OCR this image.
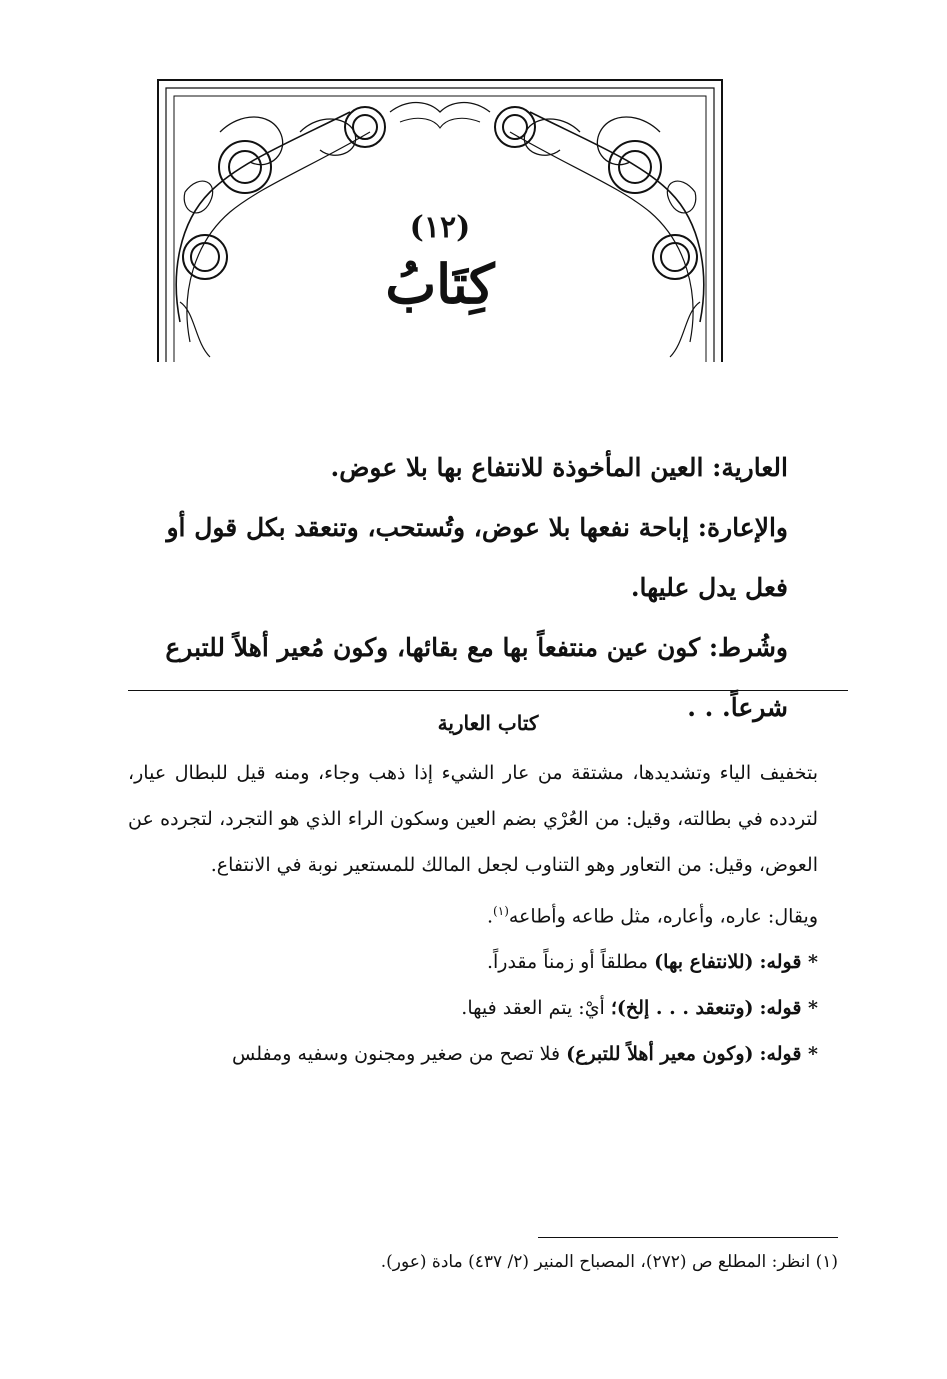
(١٢)
كِتَابُ

العارية: العين المأخوذة للانتفاع بها بلا عوض.

والإعارة: إباحة نفعها بلا عوض، وتُستحب، وتنعقد بكل قول أو فعل يدل عليها.

وشُرط: كون عين منتفعاً بها مع بقائها، وكون مُعير أهلاً للتبرع شرعاً. . .

كتاب العارية

بتخفيف الياء وتشديدها، مشتقة من عار الشيء إذا ذهب وجاء، ومنه قيل للبطال عيار، لتردده في بطالته، وقيل: من العُرْي بضم العين وسكون الراء الذي هو التجرد، لتجرده عن العوض، وقيل: من التعاور وهو التناوب لجعل المالك للمستعير نوبة في الانتفاع.

ويقال: عاره، وأعاره، مثل طاعه وأطاعه$^{(١)}$.

* قوله: (للانتفاع بها) مطلقاً أو زمناً مقدراً.

* قوله: (وتنعقد . . . إلخ)؛ أيْ: يتم العقد فيها.

* قوله: (وكون معير أهلاً للتبرع) فلا تصح من صغير ومجنون وسفيه ومفلس

(١) انظر: المطلع ص (٢٧٢)، المصباح المنير (٢/ ٤٣٧) مادة (عور).
